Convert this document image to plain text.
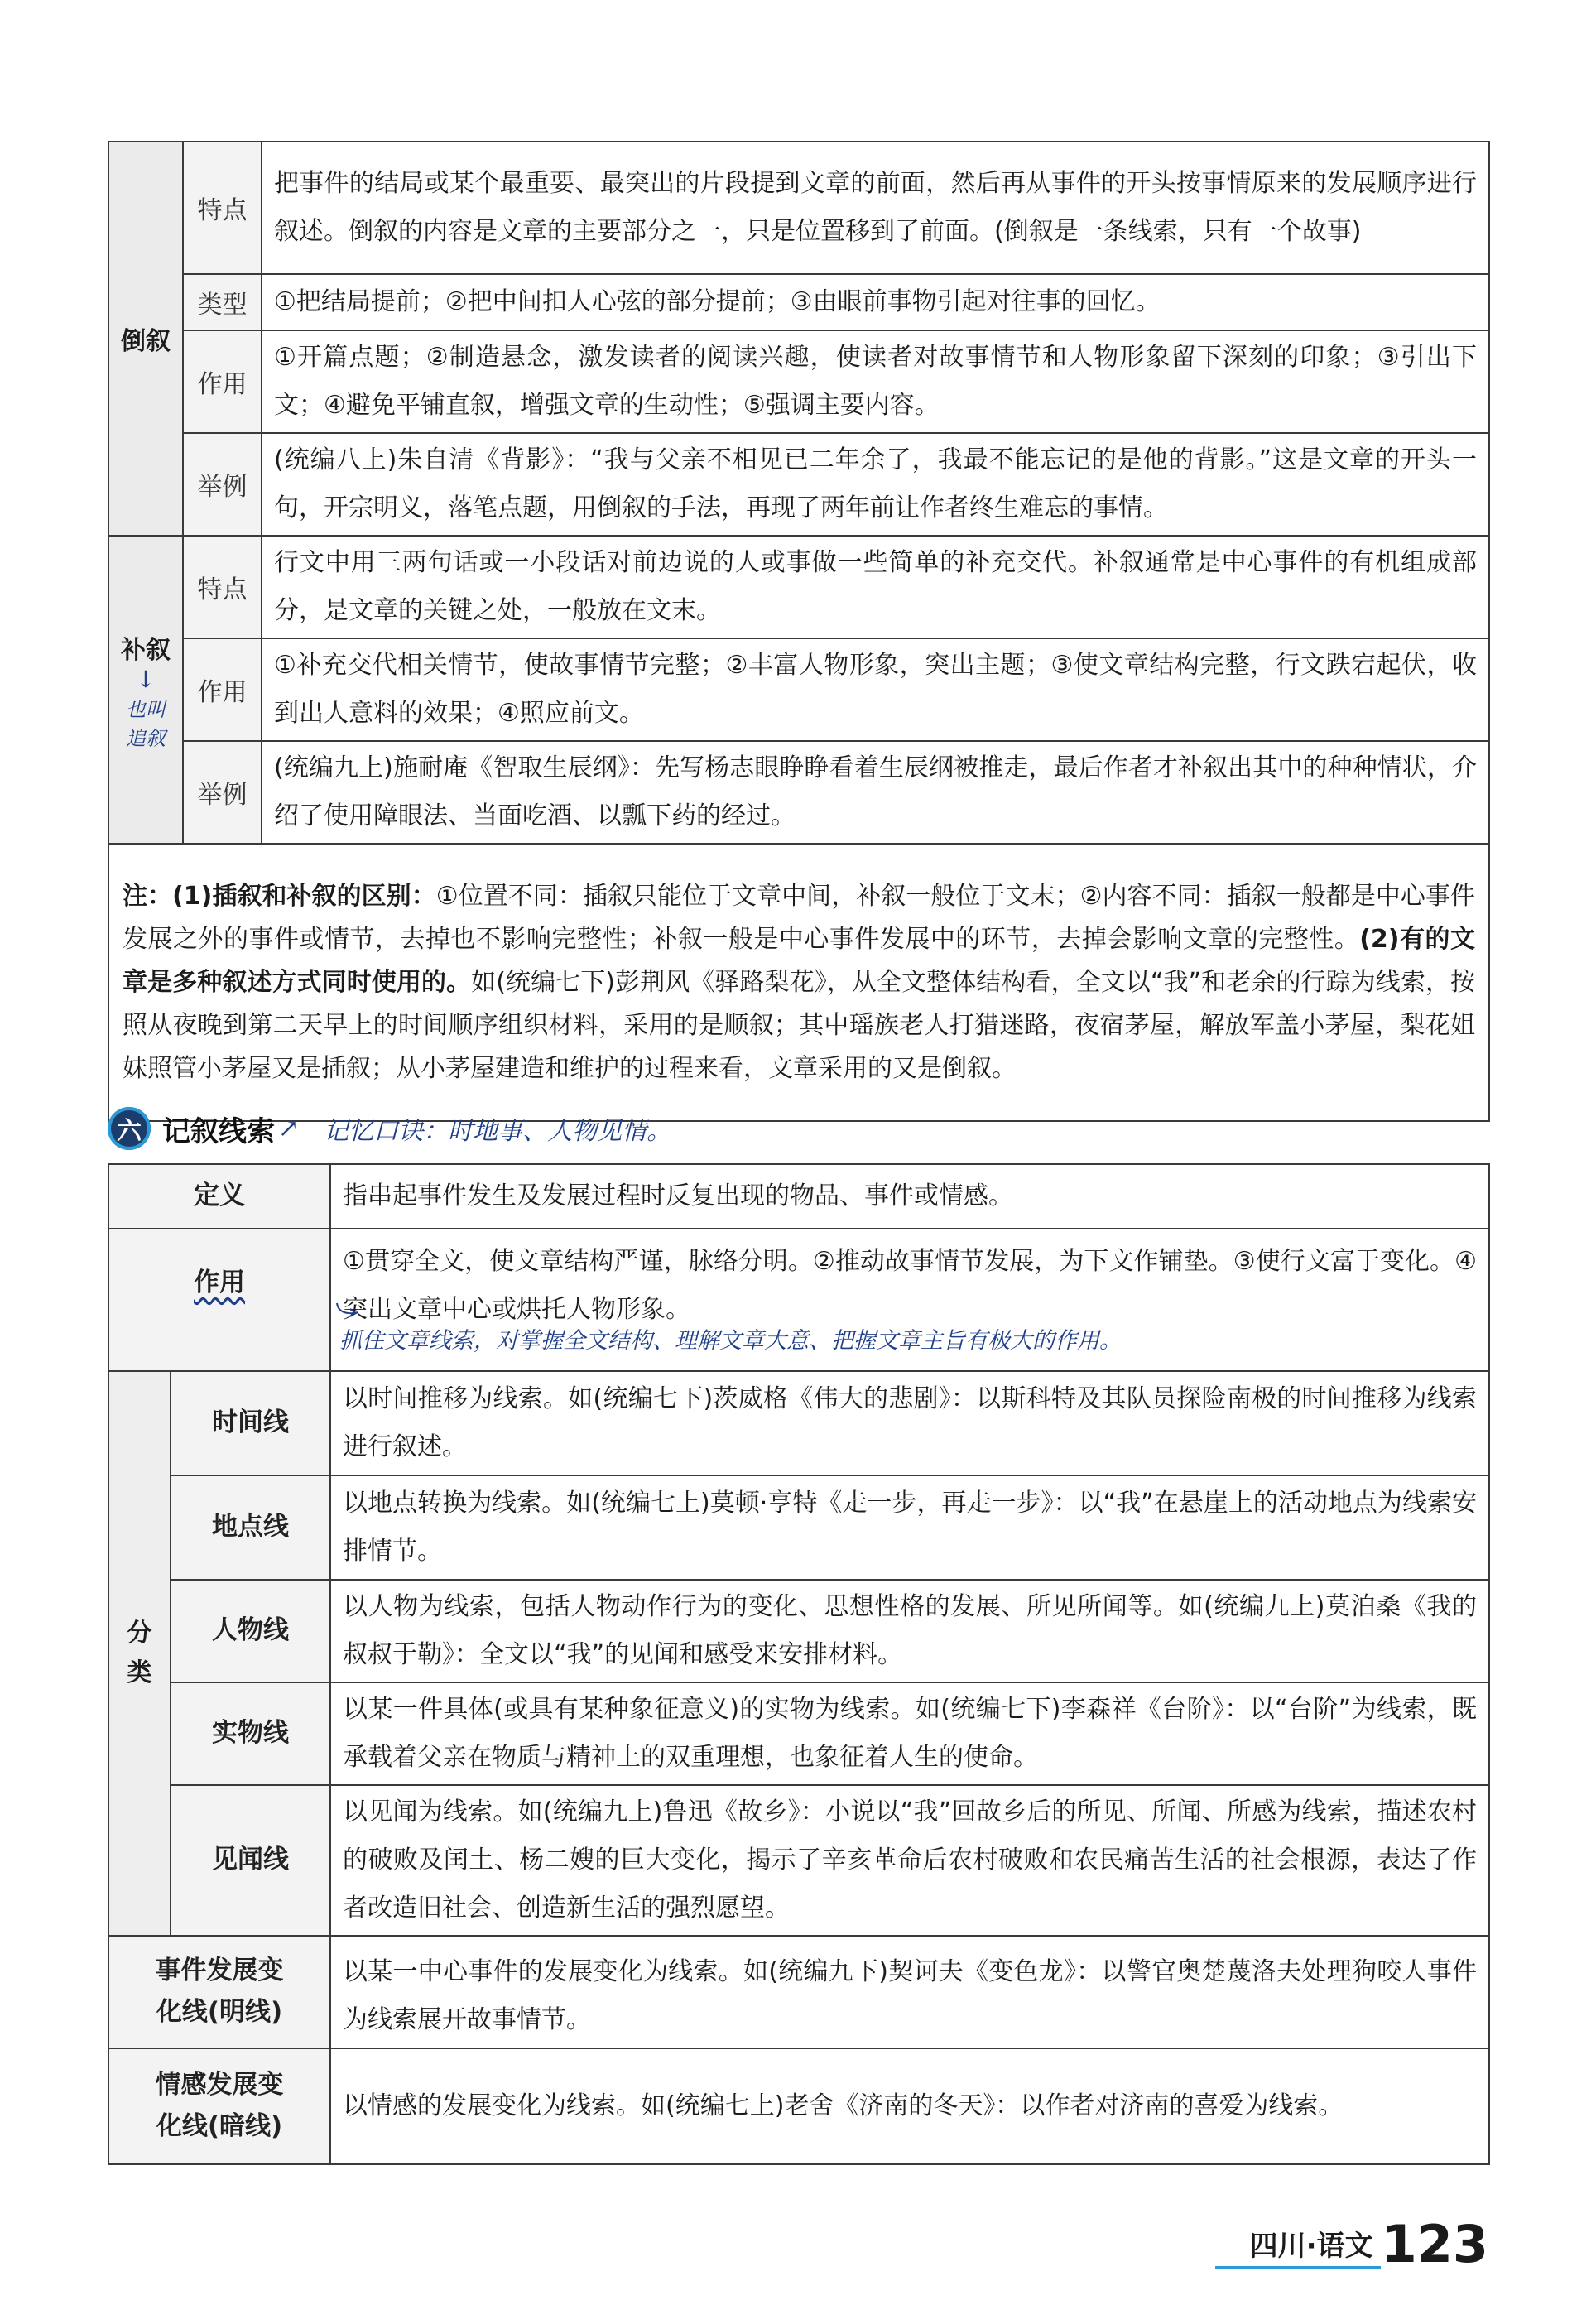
倒叙	特点	把事件的结局或某个最重要、最突出的片段提到文章的前面，然后再从事件的开头按事情原来的发展顺序进行叙述。倒叙的内容是文章的主要部分之一，只是位置移到了前面。(倒叙是一条线索，只有一个故事)
	类型	①把结局提前；②把中间扣人心弦的部分提前；③由眼前事物引起对往事的回忆。
	作用	①开篇点题；②制造悬念，激发读者的阅读兴趣，使读者对故事情节和人物形象留下深刻的印象；③引出下文；④避免平铺直叙，增强文章的生动性；⑤强调主要内容。
	举例	(统编八上)朱自清《背影》：“我与父亲不相见已二年余了，我最不能忘记的是他的背影。”这是文章的开头一句，开宗明义，落笔点题，用倒叙的手法，再现了两年前让作者终生难忘的事情。

补叙
↓
也叫
追叙	特点	行文中用三两句话或一小段话对前边说的人或事做一些简单的补充交代。补叙通常是中心事件的有机组成部分，是文章的关键之处，一般放在文末。
	作用	①补充交代相关情节，使故事情节完整；②丰富人物形象，突出主题；③使文章结构完整，行文跌宕起伏，收到出人意料的效果；④照应前文。
	举例	(统编九上)施耐庵《智取生辰纲》：先写杨志眼睁睁看着生辰纲被推走，最后作者才补叙出其中的种种情状，介绍了使用障眼法、当面吃酒、以瓢下药的经过。
注：(1)插叙和补叙的区别：①位置不同：插叙只能位于文章中间，补叙一般位于文末；②内容不同：插叙一般都是中心事件发展之外的事件或情节，去掉也不影响完整性；补叙一般是中心事件发展中的环节，去掉会影响文章的完整性。(2)有的文章是多种叙述方式同时使用的。如(统编七下)彭荆风《驿路梨花》，从全文整体结构看，全文以“我”和老余的行踪为线索，按照从夜晚到第二天早上的时间顺序组织材料，采用的是顺叙；其中瑶族老人打猎迷路，夜宿茅屋，解放军盖小茅屋，梨花姐妹照管小茅屋又是插叙；从小茅屋建造和维护的过程来看，文章采用的又是倒叙。		
六 记叙线索 ↗ 记忆口诀：时地事、人物见情。
定义		指串起事件发生及发展过程时反复出现的物品、事件或情感。
作用		①贯穿全文，使文章结构严谨，脉络分明。②推动故事情节发展，为下文作铺垫。③使行文富于变化。④突出文章中心或烘托人物形象。

分类	时间线	以时间推移为线索。如(统编七下)茨威格《伟大的悲剧》：以斯科特及其队员探险南极的时间推移为线索进行叙述。
	地点线	以地点转换为线索。如(统编七上)莫顿·亨特《走一步，再走一步》：以“我”在悬崖上的活动地点为线索安排情节。
	人物线	以人物为线索，包括人物动作行为的变化、思想性格的发展、所见所闻等。如(统编九上)莫泊桑《我的叔叔于勒》：全文以“我”的见闻和感受来安排材料。
	实物线	以某一件具体(或具有某种象征意义)的实物为线索。如(统编七下)李森祥《台阶》：以“台阶”为线索，既承载着父亲在物质与精神上的双重理想，也象征着人生的使命。
	见闻线	以见闻为线索。如(统编九上)鲁迅《故乡》：小说以“我”回故乡后的所见、所闻、所感为线索，描述农村的破败及闰土、杨二嫂的巨大变化，揭示了辛亥革命后农村破败和农民痛苦生活的社会根源，表达了作者改造旧社会、创造新生活的强烈愿望。

事件发展变
化线(明线)		以某一中心事件的发展变化为线索。如(统编九下)契诃夫《变色龙》：以警官奥楚蔑洛夫处理狗咬人事件为线索展开故事情节。

情感发展变
化线(暗线)		以情感的发展变化为线索。如(统编七上)老舍《济南的冬天》：以作者对济南的喜爱为线索。
抓住文章线索，对掌握全文结构、理解文章大意、把握文章主旨有极大的作用。
四川·语文 123
